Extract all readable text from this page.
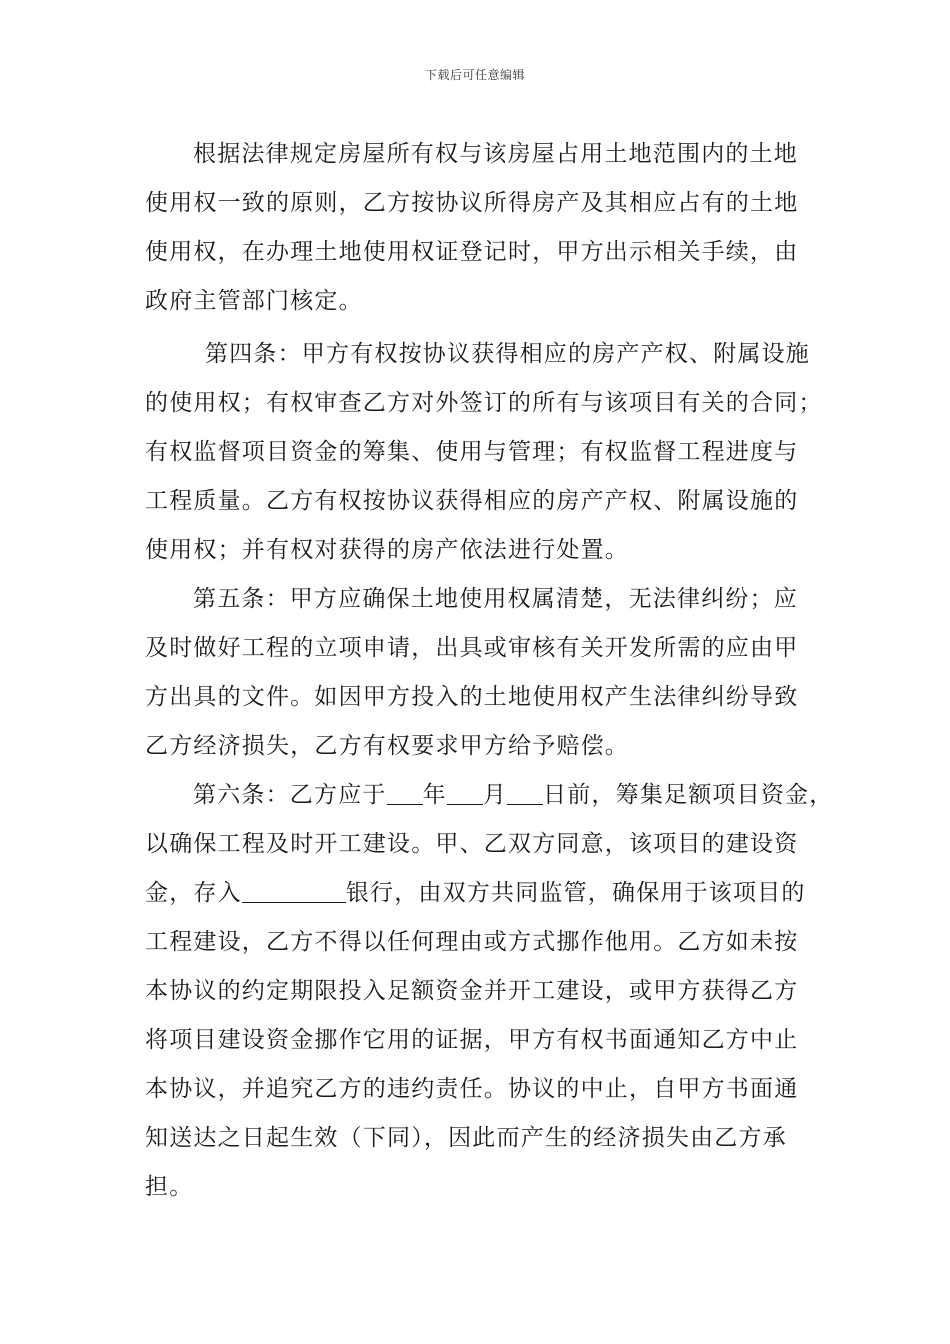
下载后可任意编辑
根据法律规定房屋所有权与该房屋占用土地范围内的土地
使用权一致的原则，乙方按协议所得房产及其相应占有的土地
使用权，在办理土地使用权证登记时，甲方出示相关手续，由
政府主管部门核定。
第四条：甲方有权按协议获得相应的房产产权、附属设施
的使用权；有权审查乙方对外签订的所有与该项目有关的合同；
有权监督项目资金的筹集、使用与管理；有权监督工程进度与
工程质量。乙方有权按协议获得相应的房产产权、附属设施的
使用权；并有权对获得的房产依法进行处置。
第五条：甲方应确保土地使用权属清楚，无法律纠纷；应
及时做好工程的立项申请，出具或审核有关开发所需的应由甲
方出具的文件。如因甲方投入的土地使用权产生法律纠纷导致
乙方经济损失，乙方有权要求甲方给予赔偿。
第六条：乙方应于 年 月 日前，筹集足额项目资金，
以确保工程及时开工建设。甲、乙双方同意，该项目的建设资
金，存入	银行，由双方共同监管，确保用于该项目的
工程建设，乙方不得以任何理由或方式挪作他用。乙方如未按
本协议的约定期限投入足额资金并开工建设，或甲方获得乙方
将项目建设资金挪作它用的证据，甲方有权书面通知乙方中止
本协议，并追究乙方的违约责任。协议的中止，自甲方书面通
知送达之日起生效（下同），因此而产生的经济损失由乙方承
担。
